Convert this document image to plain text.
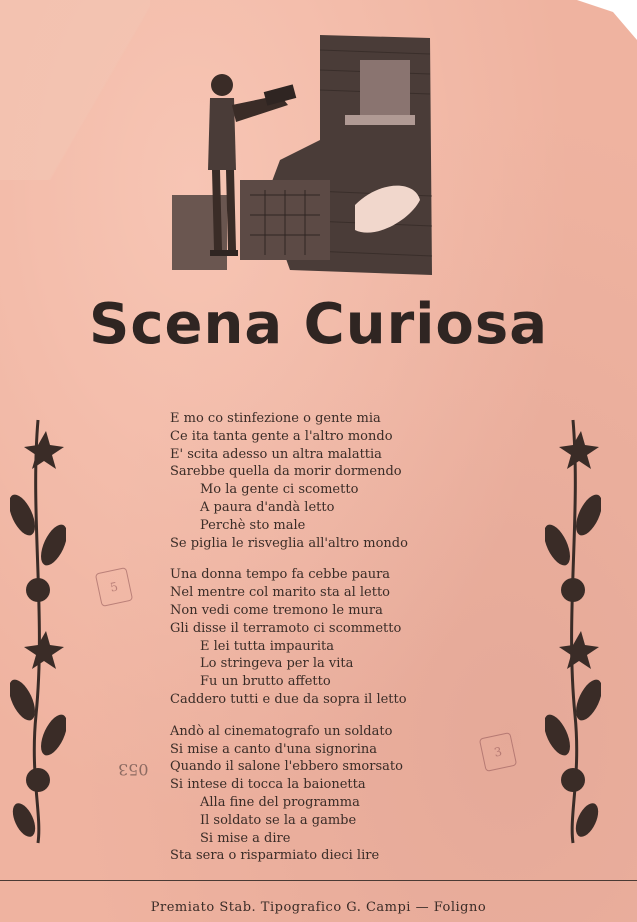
Scena Curiosa
5
3
053
E mo co stinfezione o gente mia
Ce ita tanta gente a l'altro mondo
E' scita adesso un altra malattia
Sarebbe quella da morir dormendo
Mo la gente ci scometto
A paura d'andà letto
Perchè sto male
Se piglia le risveglia all'altro mondo
Una donna tempo fa cebbe paura
Nel mentre col marito sta al letto
Non vedi come tremono le mura
Gli disse il terramoto ci scommetto
E lei tutta impaurita
Lo stringeva per la vita
Fu un brutto affetto
Caddero tutti e due da sopra il letto
Andò al cinematografo un soldato
Si mise a canto d'una signorina
Quando il salone l'ebbero smorsato
Si intese di tocca la baionetta
Alla fine del programma
Il soldato se la a gambe
Si mise a dire
Sta sera o risparmiato dieci lire
Premiato Stab. Tipografico G. Campi — Foligno
